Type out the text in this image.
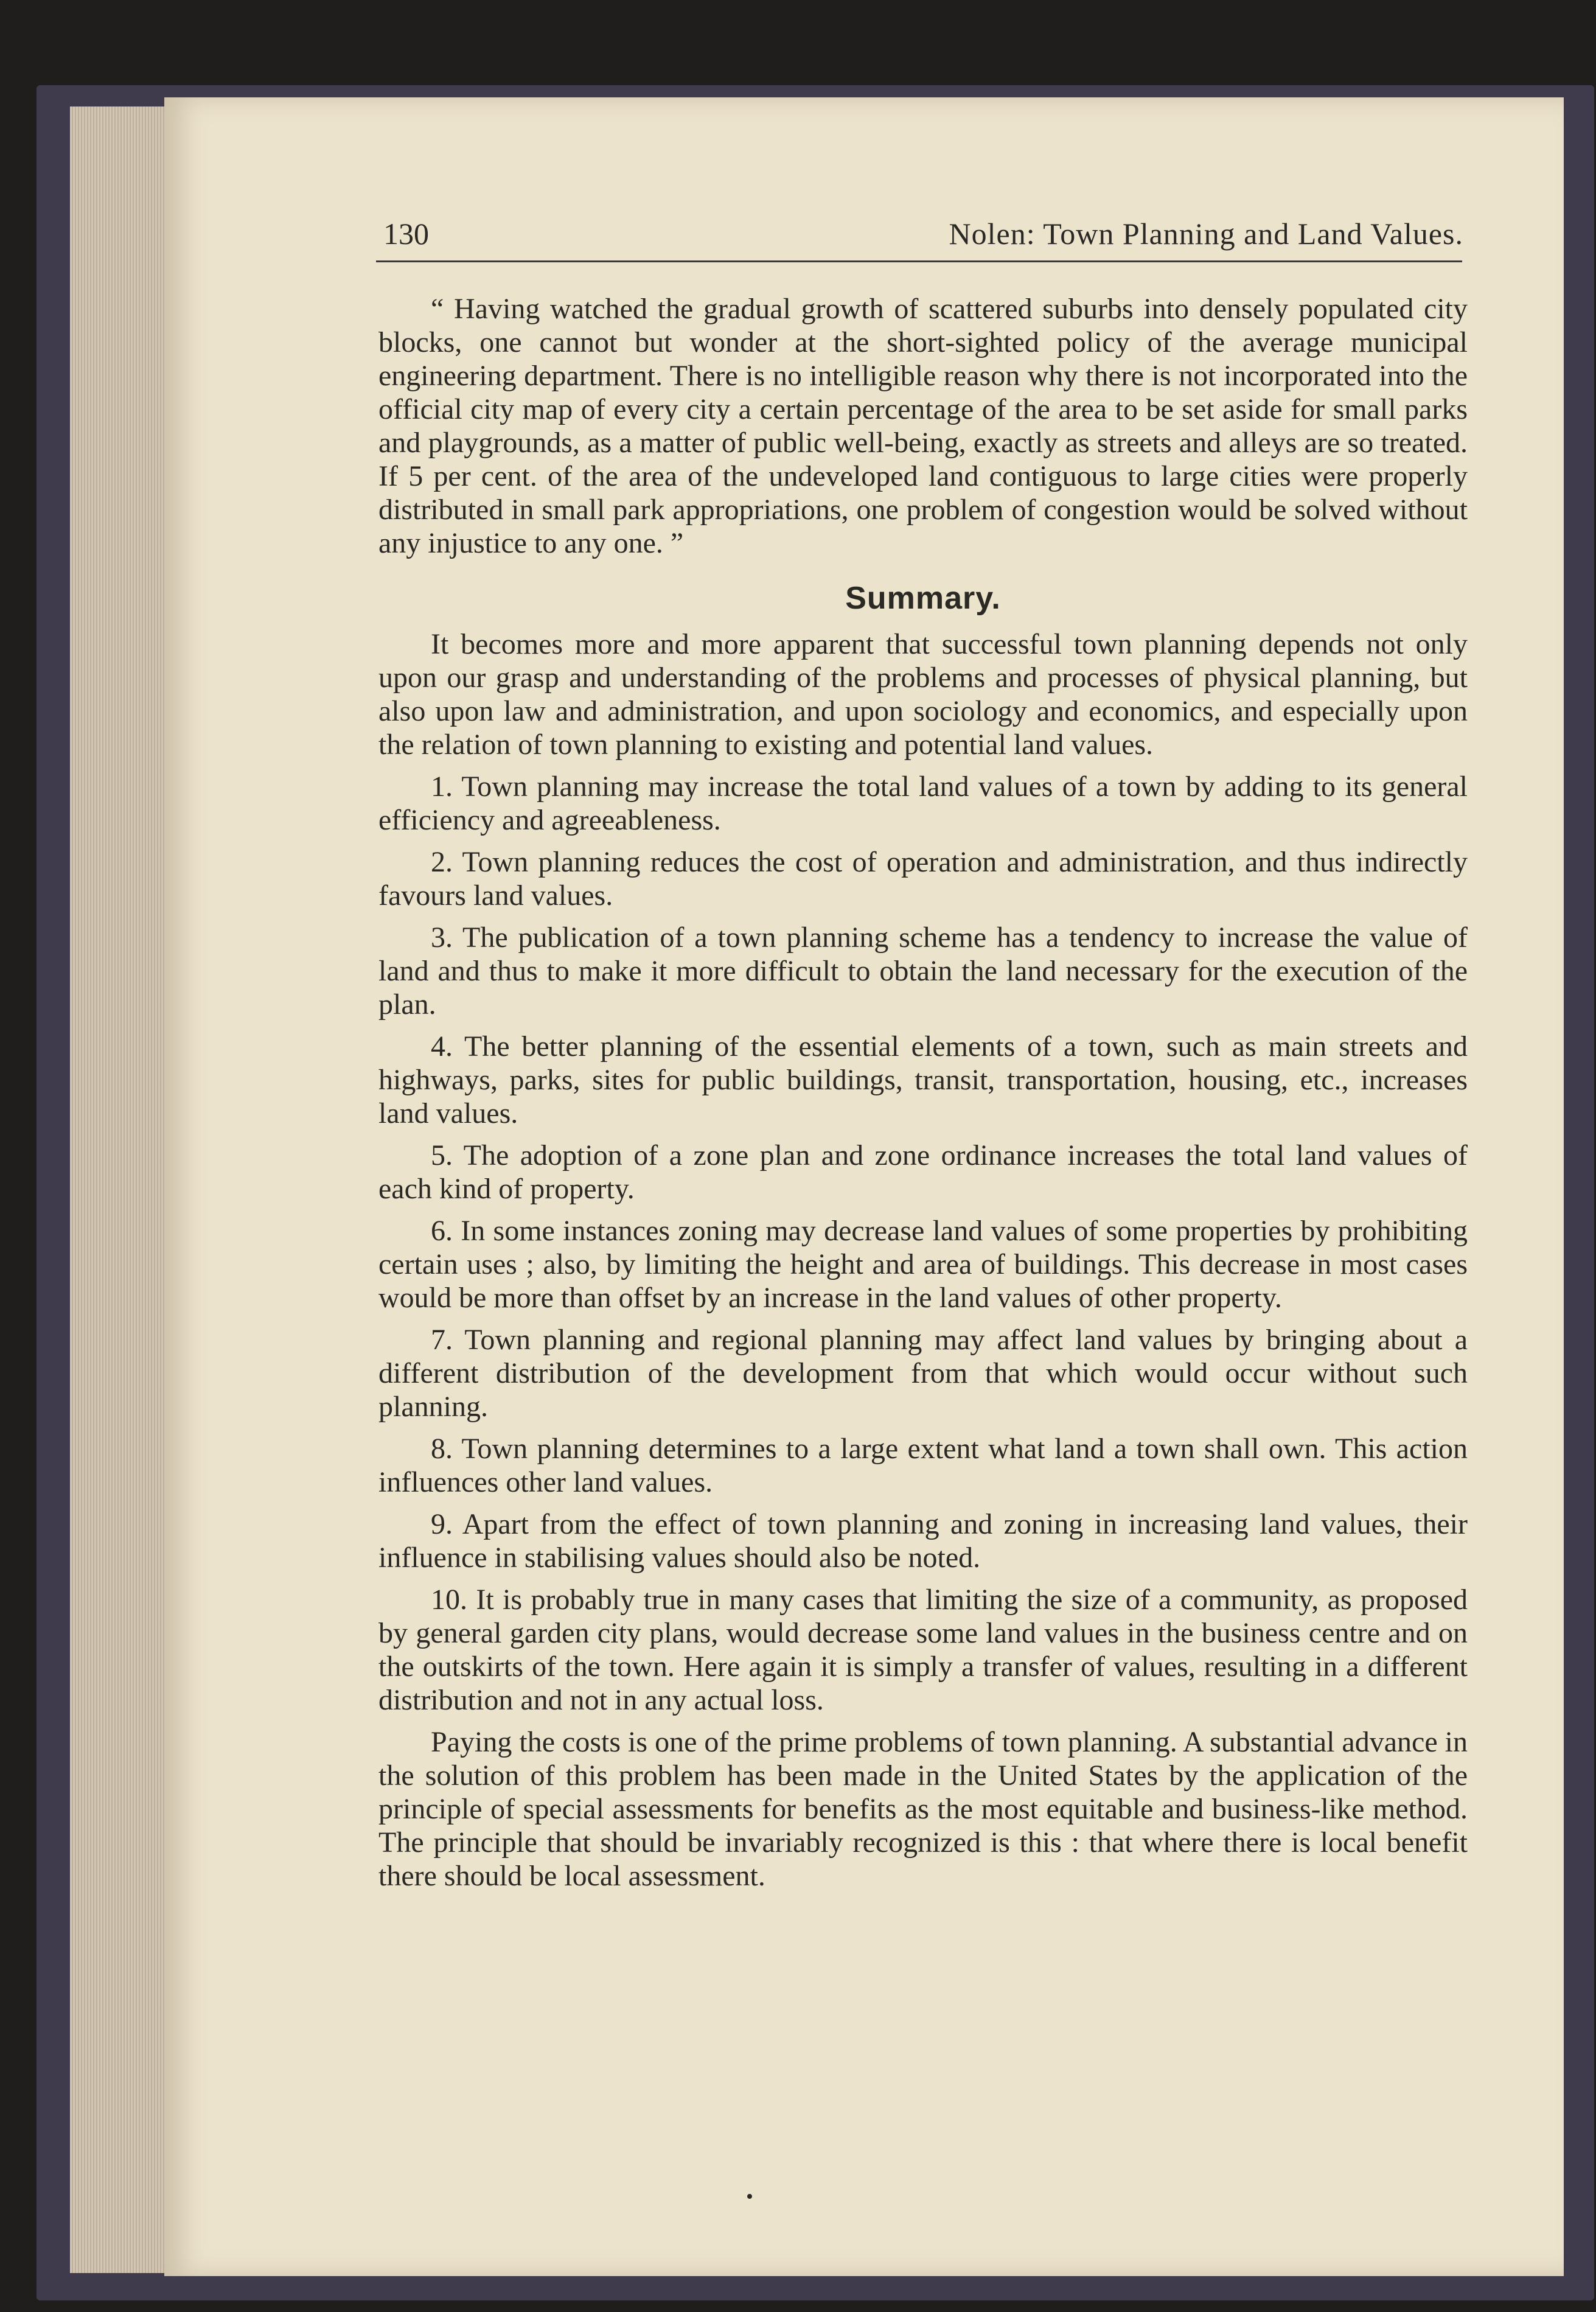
130	Nolen: Town Planning and Land Values.

“ Having watched the gradual growth of scattered suburbs into densely populated city blocks, one cannot but wonder at the short-sighted policy of the average municipal engineering department. There is no intelligible reason why there is not incorporated into the official city map of every city a certain percentage of the area to be set aside for small parks and playgrounds, as a matter of public well-being, exactly as streets and alleys are so treated. If 5 per cent. of the area of the undeveloped land contiguous to large cities were properly distributed in small park appropriations, one problem of congestion would be solved without any injustice to any one. ”

Summary.

It becomes more and more apparent that successful town planning depends not only upon our grasp and understanding of the problems and processes of physical planning, but also upon law and administration, and upon sociology and economics, and especially upon the relation of town planning to existing and potential land values.

1. Town planning may increase the total land values of a town by adding to its general efficiency and agreeableness.

2. Town planning reduces the cost of operation and administration, and thus indirectly favours land values.

3. The publication of a town planning scheme has a tendency to increase the value of land and thus to make it more difficult to obtain the land necessary for the execution of the plan.

4. The better planning of the essential elements of a town, such as main streets and highways, parks, sites for public buildings, transit, transportation, housing, etc., increases land values.

5. The adoption of a zone plan and zone ordinance increases the total land values of each kind of property.

6. In some instances zoning may decrease land values of some properties by prohibiting certain uses ; also, by limiting the height and area of buildings. This decrease in most cases would be more than offset by an increase in the land values of other property.

7. Town planning and regional planning may affect land values by bringing about a different distribution of the development from that which would occur without such planning.

8. Town planning determines to a large extent what land a town shall own. This action influences other land values.

9. Apart from the effect of town planning and zoning in increasing land values, their influence in stabilising values should also be noted.

10. It is probably true in many cases that limiting the size of a community, as proposed by general garden city plans, would decrease some land values in the business centre and on the outskirts of the town. Here again it is simply a transfer of values, resulting in a different distribution and not in any actual loss.

Paying the costs is one of the prime problems of town planning. A substantial advance in the solution of this problem has been made in the United States by the application of the principle of special assessments for benefits as the most equitable and business-like method. The principle that should be invariably recognized is this : that where there is local benefit there should be local assessment.
